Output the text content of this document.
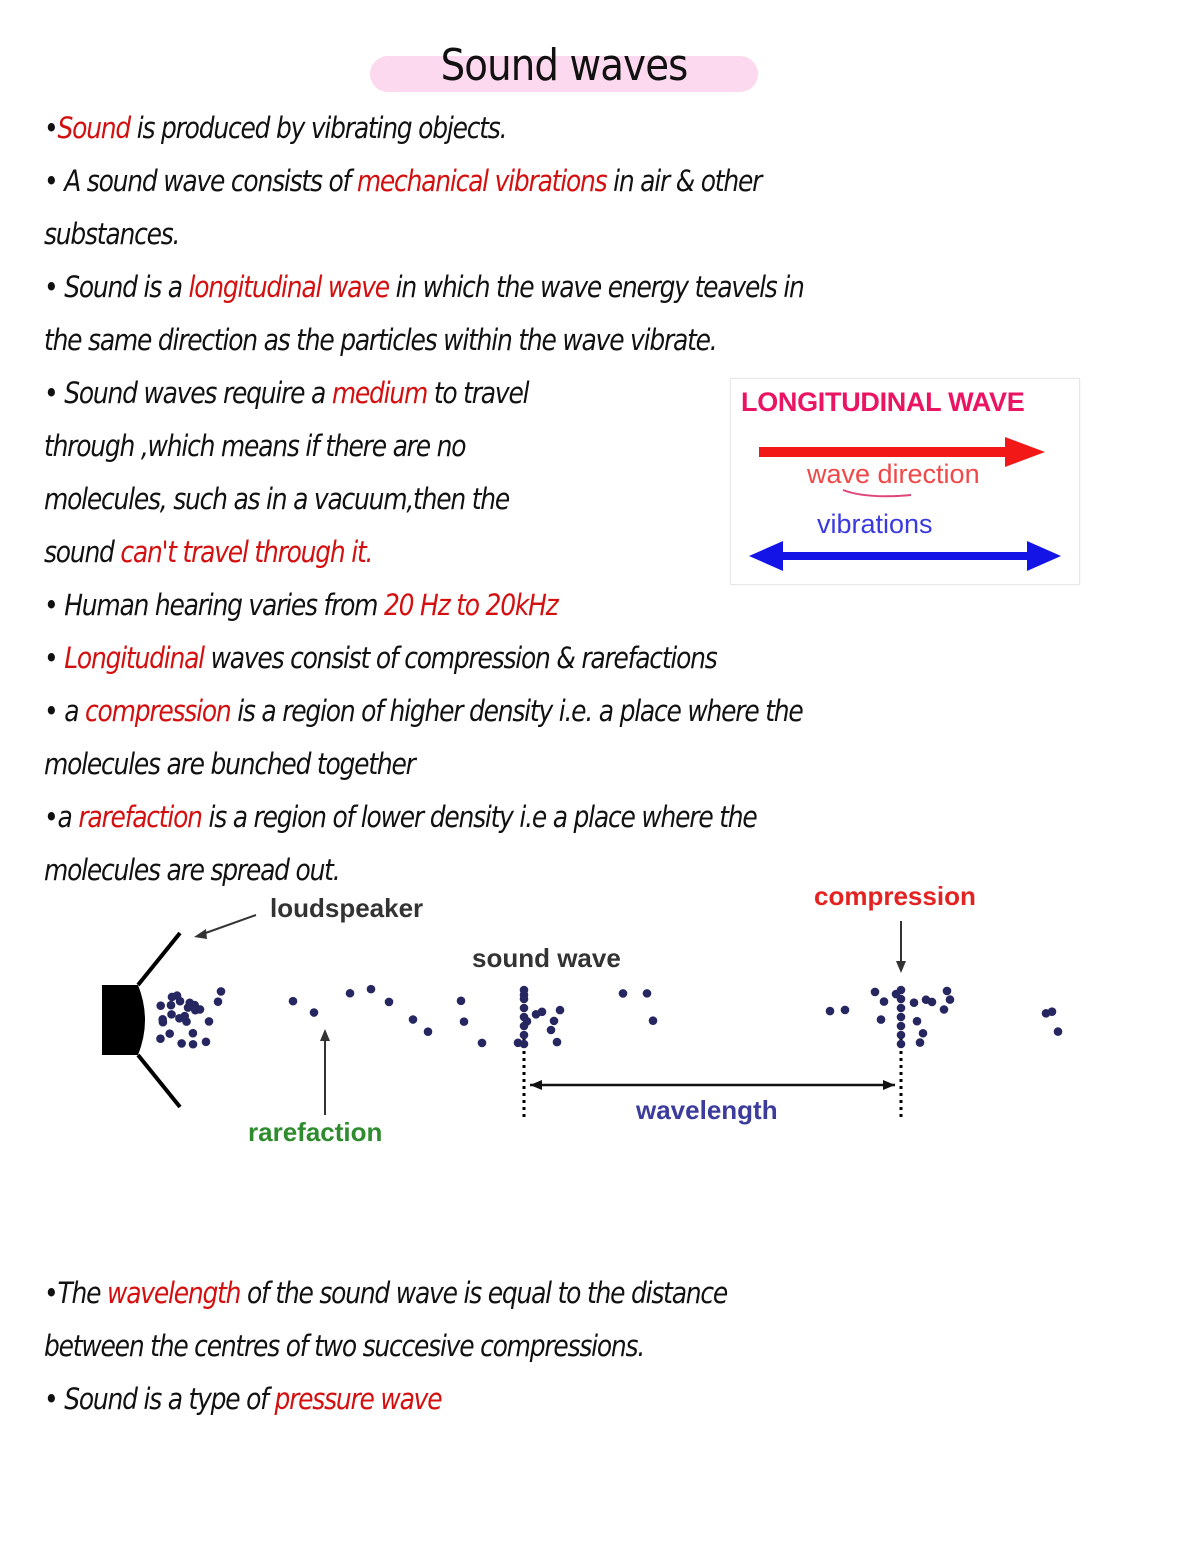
Sound waves
•Sound is produced by vibrating objects.
• A sound wave consists of mechanical vibrations in air & other
substances.
• Sound is a longitudinal wave in which the wave energy teavels in
the same direction as the particles within the wave vibrate.
• Sound waves require a medium to travel
through ,which means if there are no
molecules, such as in a vacuum,then the
sound can't travel through it.
• Human hearing varies from 20 Hz to 20kHz
• Longitudinal waves consist of compression & rarefactions
• a compression is a region of higher density i.e. a place where the
molecules are bunched together
•a rarefaction is a region of lower density i.e a place where the
molecules are spread out.
•The wavelength of the sound wave is equal to the distance
between the centres of two succesive compressions.
• Sound is a type of pressure wave
LONGITUDINAL WAVE
wave direction
vibrations
loudspeaker
sound wave
compression
rarefaction
wavelength
